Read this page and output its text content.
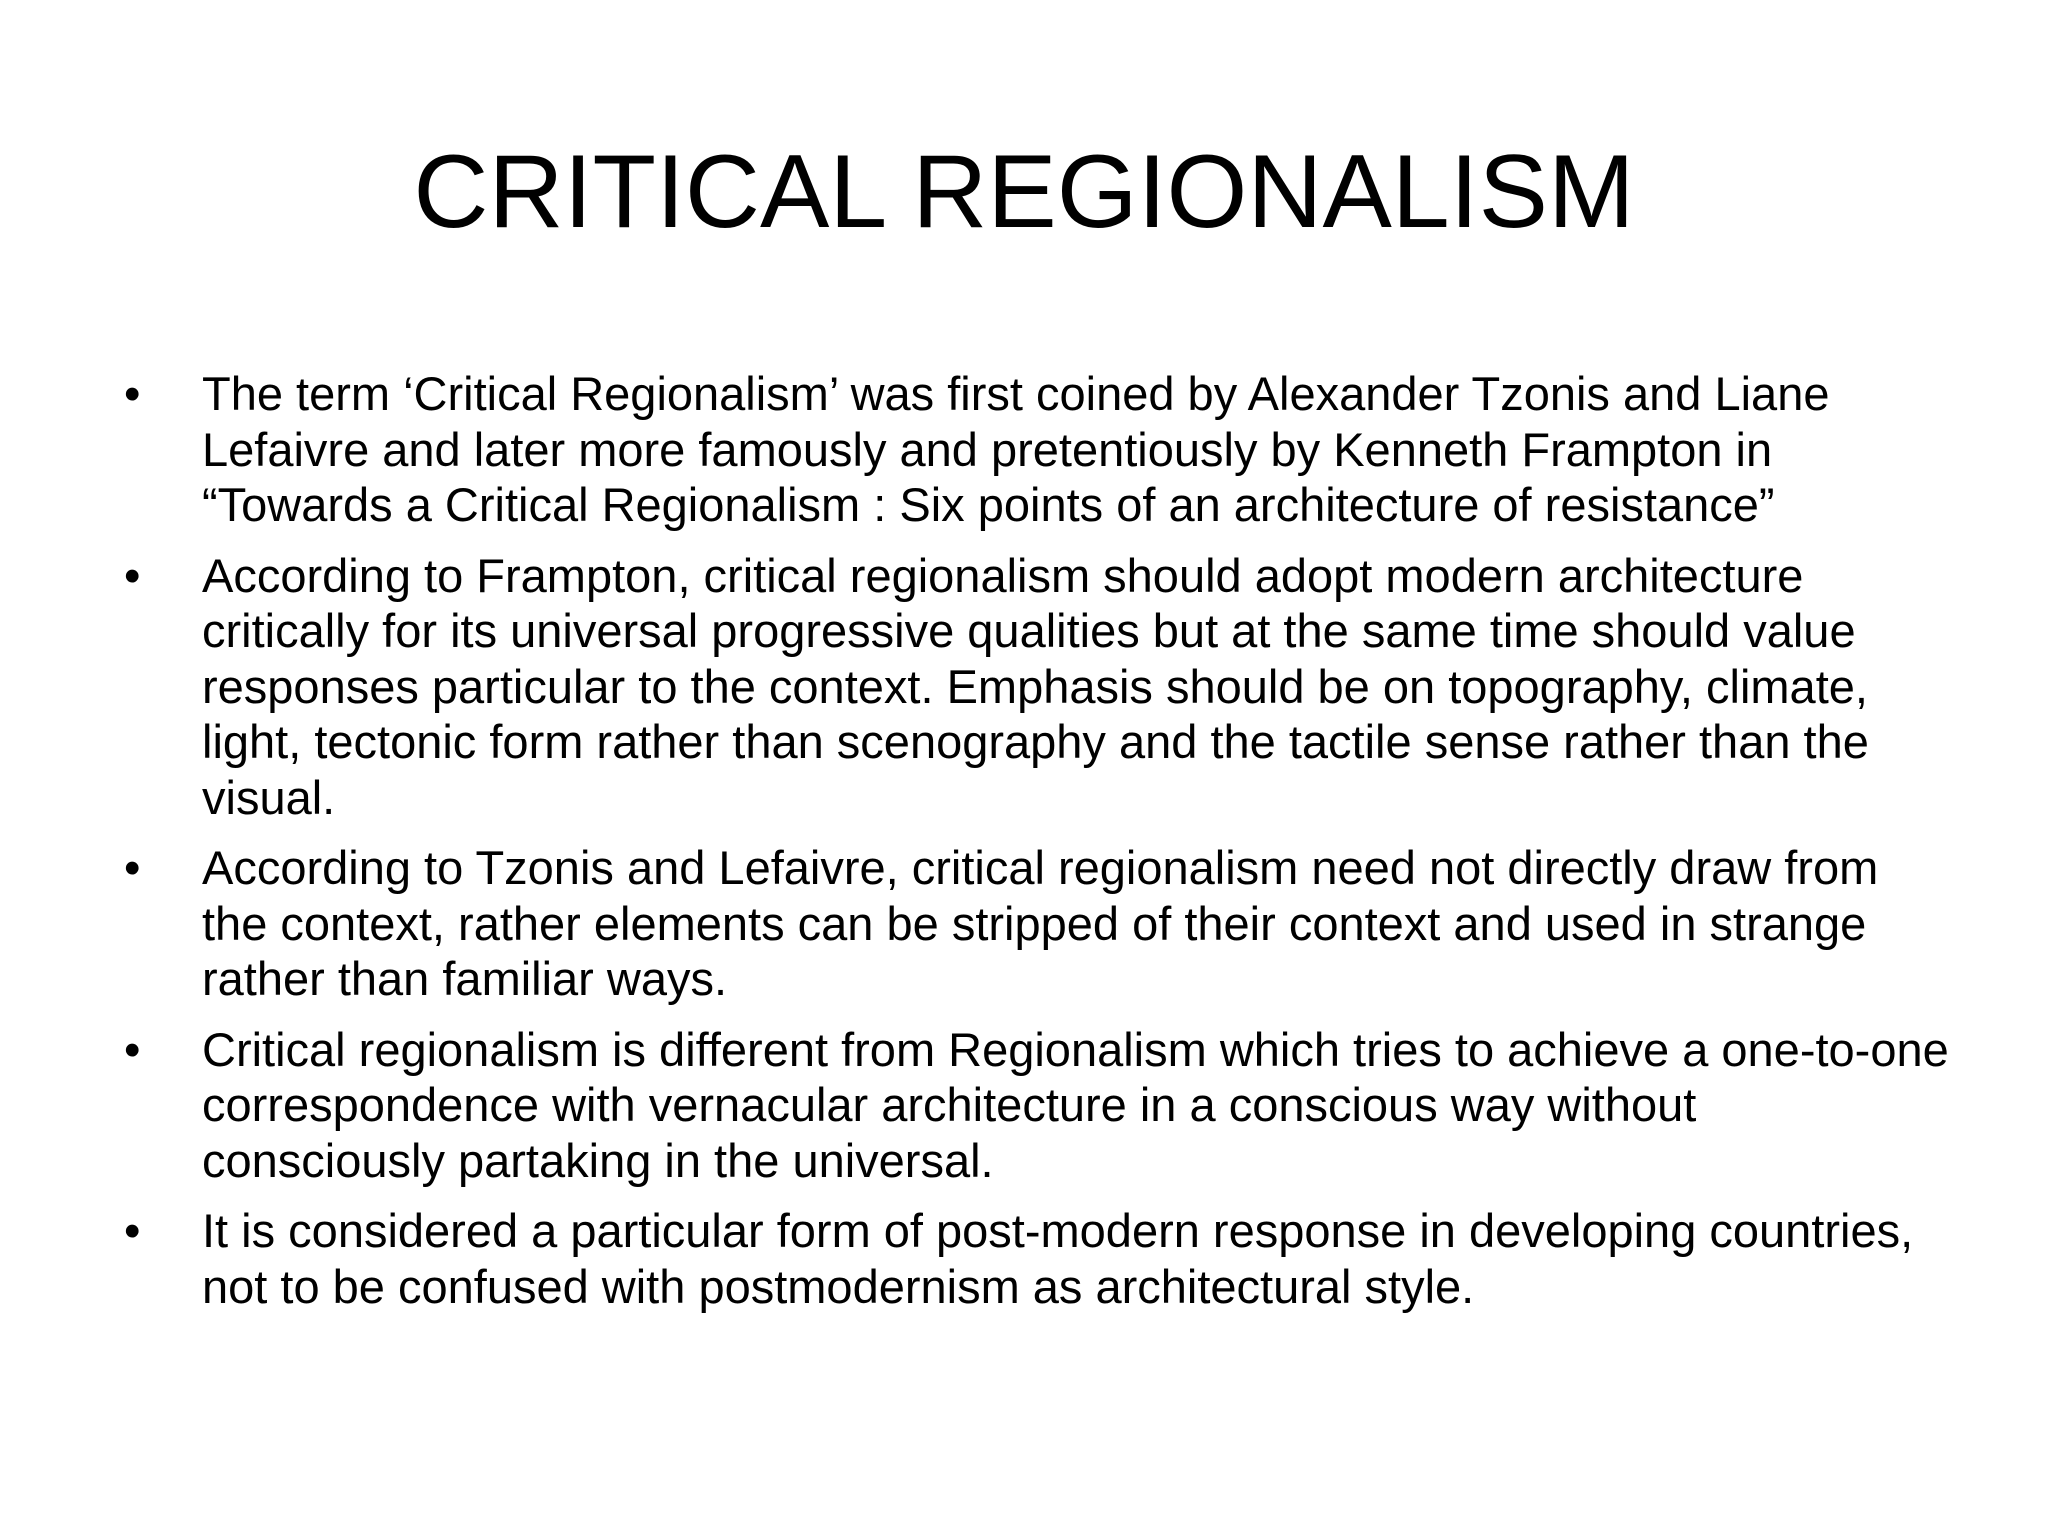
CRITICAL REGIONALISM
•	The term ‘Critical Regionalism’ was first coined by Alexander Tzonis and Liane Lefaivre and later more famously and pretentiously by Kenneth Frampton in “Towards a Critical Regionalism : Six points of an architecture of resistance”
•	According to Frampton, critical regionalism should adopt modern architecture critically for its universal progressive qualities but at the same time should value responses particular to the context. Emphasis should be on topography, climate, light, tectonic form rather than scenography and the tactile sense rather than the visual.
•	According to Tzonis and Lefaivre, critical regionalism need not directly draw from the context, rather elements can be stripped of their context and used in strange rather than familiar ways.
•	Critical regionalism is different from Regionalism which tries to achieve a one-to-one correspondence with vernacular architecture in a conscious way without consciously partaking in the universal.
•	It is considered a particular form of post-modern response in developing countries, not to be confused with postmodernism as architectural style.
